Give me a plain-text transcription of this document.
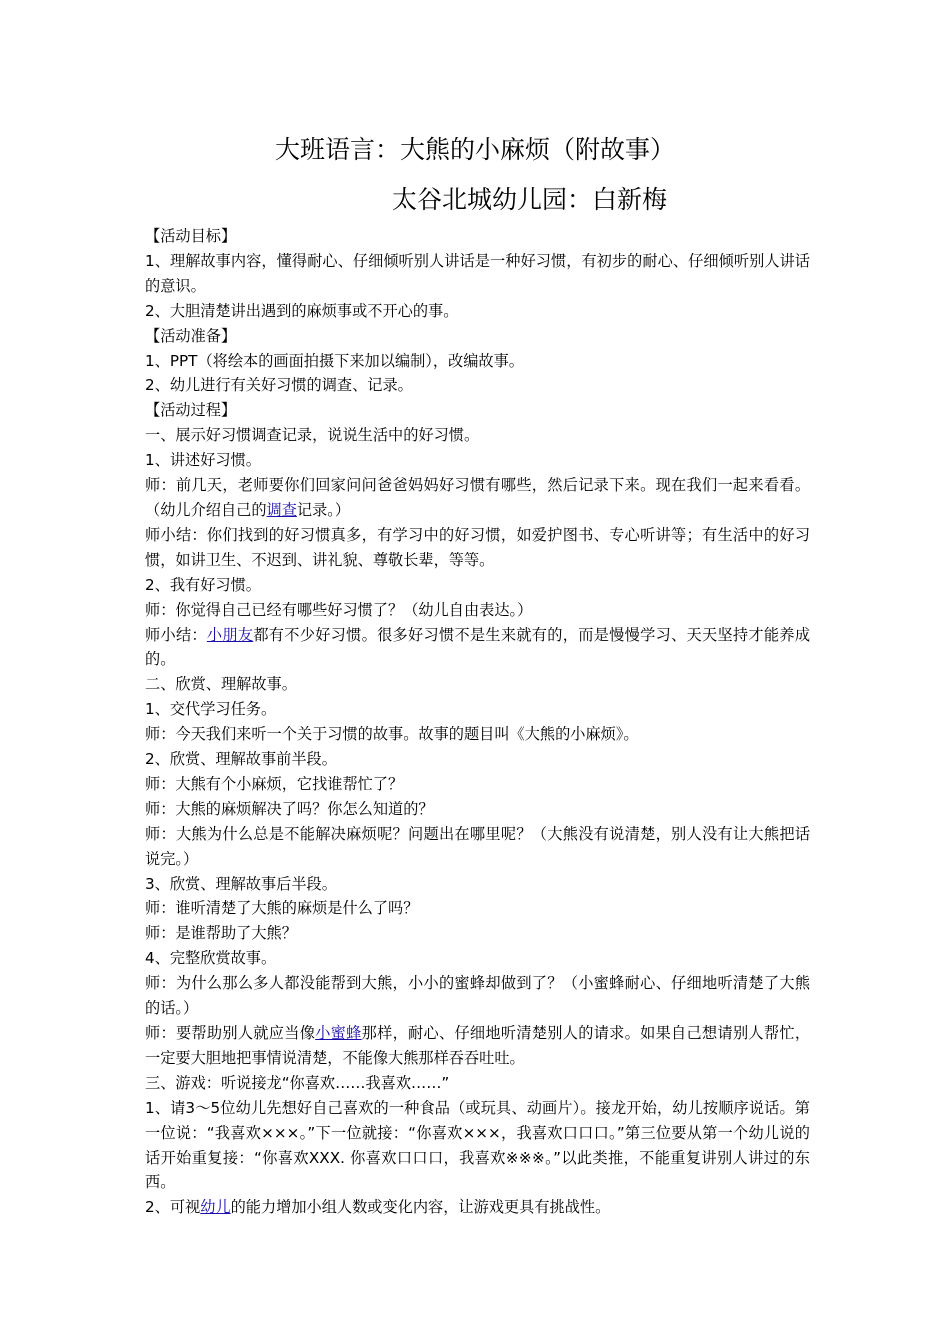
大班语言：大熊的小麻烦（附故事）
太谷北城幼儿园：白新梅

【活动目标】

1、理解故事内容，懂得耐心、仔细倾听别人讲话是一种好习惯，有初步的耐心、仔细倾听别人讲话的意识。

2、大胆清楚讲出遇到的麻烦事或不开心的事。

【活动准备】

1、PPT（将绘本的画面拍摄下来加以编制），改编故事。

2、幼儿进行有关好习惯的调查、记录。

【活动过程】

一、展示好习惯调查记录，说说生活中的好习惯。

1、讲述好习惯。

师：前几天，老师要你们回家问问爸爸妈妈好习惯有哪些，然后记录下来。现在我们一起来看看。（幼儿介绍自己的调查记录。）

师小结：你们找到的好习惯真多，有学习中的好习惯，如爱护图书、专心听讲等；有生活中的好习惯，如讲卫生、不迟到、讲礼貌、尊敬长辈，等等。

2、我有好习惯。

师：你觉得自己已经有哪些好习惯了？（幼儿自由表达。）

师小结：小朋友都有不少好习惯。很多好习惯不是生来就有的，而是慢慢学习、天天坚持才能养成的。

二、欣赏、理解故事。

1、交代学习任务。

师：今天我们来听一个关于习惯的故事。故事的题目叫《大熊的小麻烦》。

2、欣赏、理解故事前半段。

师：大熊有个小麻烦，它找谁帮忙了？

师：大熊的麻烦解决了吗？你怎么知道的？

师：大熊为什么总是不能解决麻烦呢？问题出在哪里呢？（大熊没有说清楚，别人没有让大熊把话说完。）

3、欣赏、理解故事后半段。

师：谁听清楚了大熊的麻烦是什么了吗？

师：是谁帮助了大熊？

4、完整欣赏故事。

师：为什么那么多人都没能帮到大熊，小小的蜜蜂却做到了？（小蜜蜂耐心、仔细地听清楚了大熊的话。）

师：要帮助别人就应当像小蜜蜂那样，耐心、仔细地听清楚别人的请求。如果自己想请别人帮忙，一定要大胆地把事情说清楚，不能像大熊那样吞吞吐吐。

三、游戏：听说接龙“你喜欢……我喜欢……”

1、请3～5位幼儿先想好自己喜欢的一种食品（或玩具、动画片）。接龙开始，幼儿按顺序说话。第一位说：“我喜欢×××。”下一位就接：“你喜欢×××，我喜欢口口口。”第三位要从第一个幼儿说的话开始重复接：“你喜欢XXX. 你喜欢口口口，我喜欢※※※。”以此类推，不能重复讲别人讲过的东西。

2、可视幼儿的能力增加小组人数或变化内容，让游戏更具有挑战性。
